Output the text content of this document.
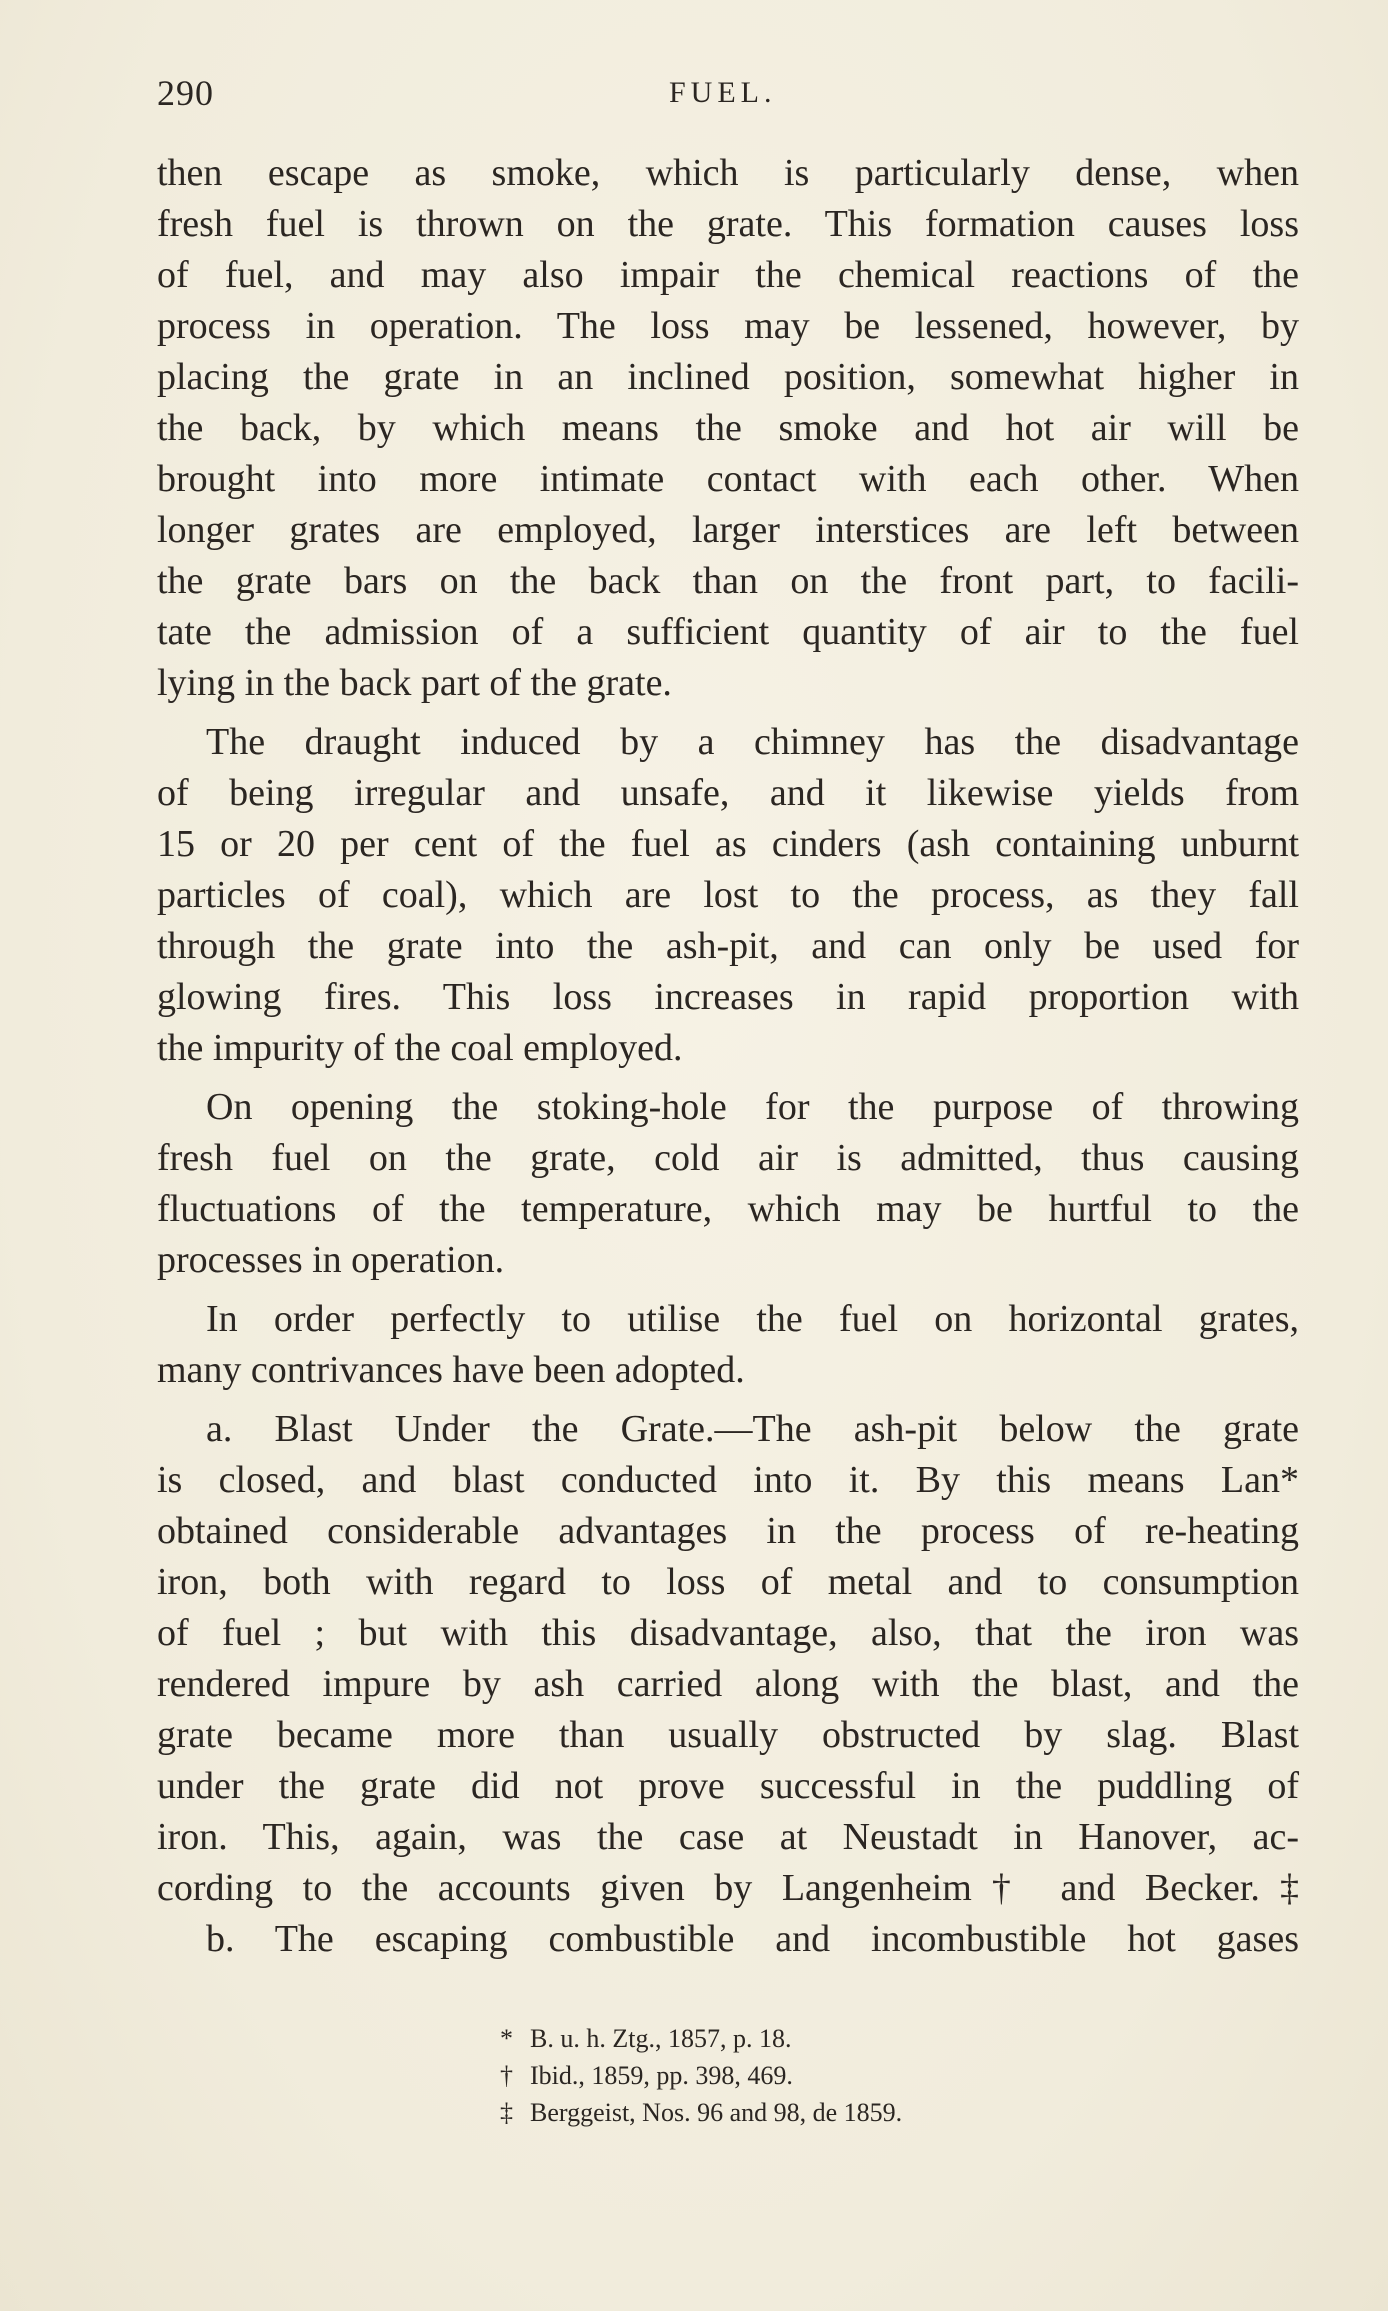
290	FUEL.
then escape as smoke, which is particularly dense, when
fresh fuel is thrown on the grate. This formation causes loss
of fuel, and may also impair the chemical reactions of the
process in operation. The loss may be lessened, however, by
placing the grate in an inclined position, somewhat higher in
the back, by which means the smoke and hot air will be
brought into more intimate contact with each other. When
longer grates are employed, larger interstices are left between
the grate bars on the back than on the front part, to facili-
tate the admission of a sufficient quantity of air to the fuel
lying in the back part of the grate.
The draught induced by a chimney has the disadvantage
of being irregular and unsafe, and it likewise yields from
15 or 20 per cent of the fuel as cinders (ash containing unburnt
particles of coal), which are lost to the process, as they fall
through the grate into the ash-pit, and can only be used for
glowing fires. This loss increases in rapid proportion with
the impurity of the coal employed.
On opening the stoking-hole for the purpose of throwing
fresh fuel on the grate, cold air is admitted, thus causing
fluctuations of the temperature, which may be hurtful to the
processes in operation.
In order perfectly to utilise the fuel on horizontal grates,
many contrivances have been adopted.
a. Blast Under the Grate.—The ash-pit below the grate
is closed, and blast conducted into it. By this means Lan*
obtained considerable advantages in the process of re-heating
iron, both with regard to loss of metal and to consumption
of fuel ; but with this disadvantage, also, that the iron was
rendered impure by ash carried along with the blast, and the
grate became more than usually obstructed by slag. Blast
under the grate did not prove successful in the puddling of
iron. This, again, was the case at Neustadt in Hanover, ac-
cording to the accounts given by Langenheim† and Becker.‡
b. The escaping combustible and incombustible hot gases
* B. u. h. Ztg., 1857, p. 18.
† Ibid., 1859, pp. 398, 469.
‡ Berggeist, Nos. 96 and 98, de 1859.
